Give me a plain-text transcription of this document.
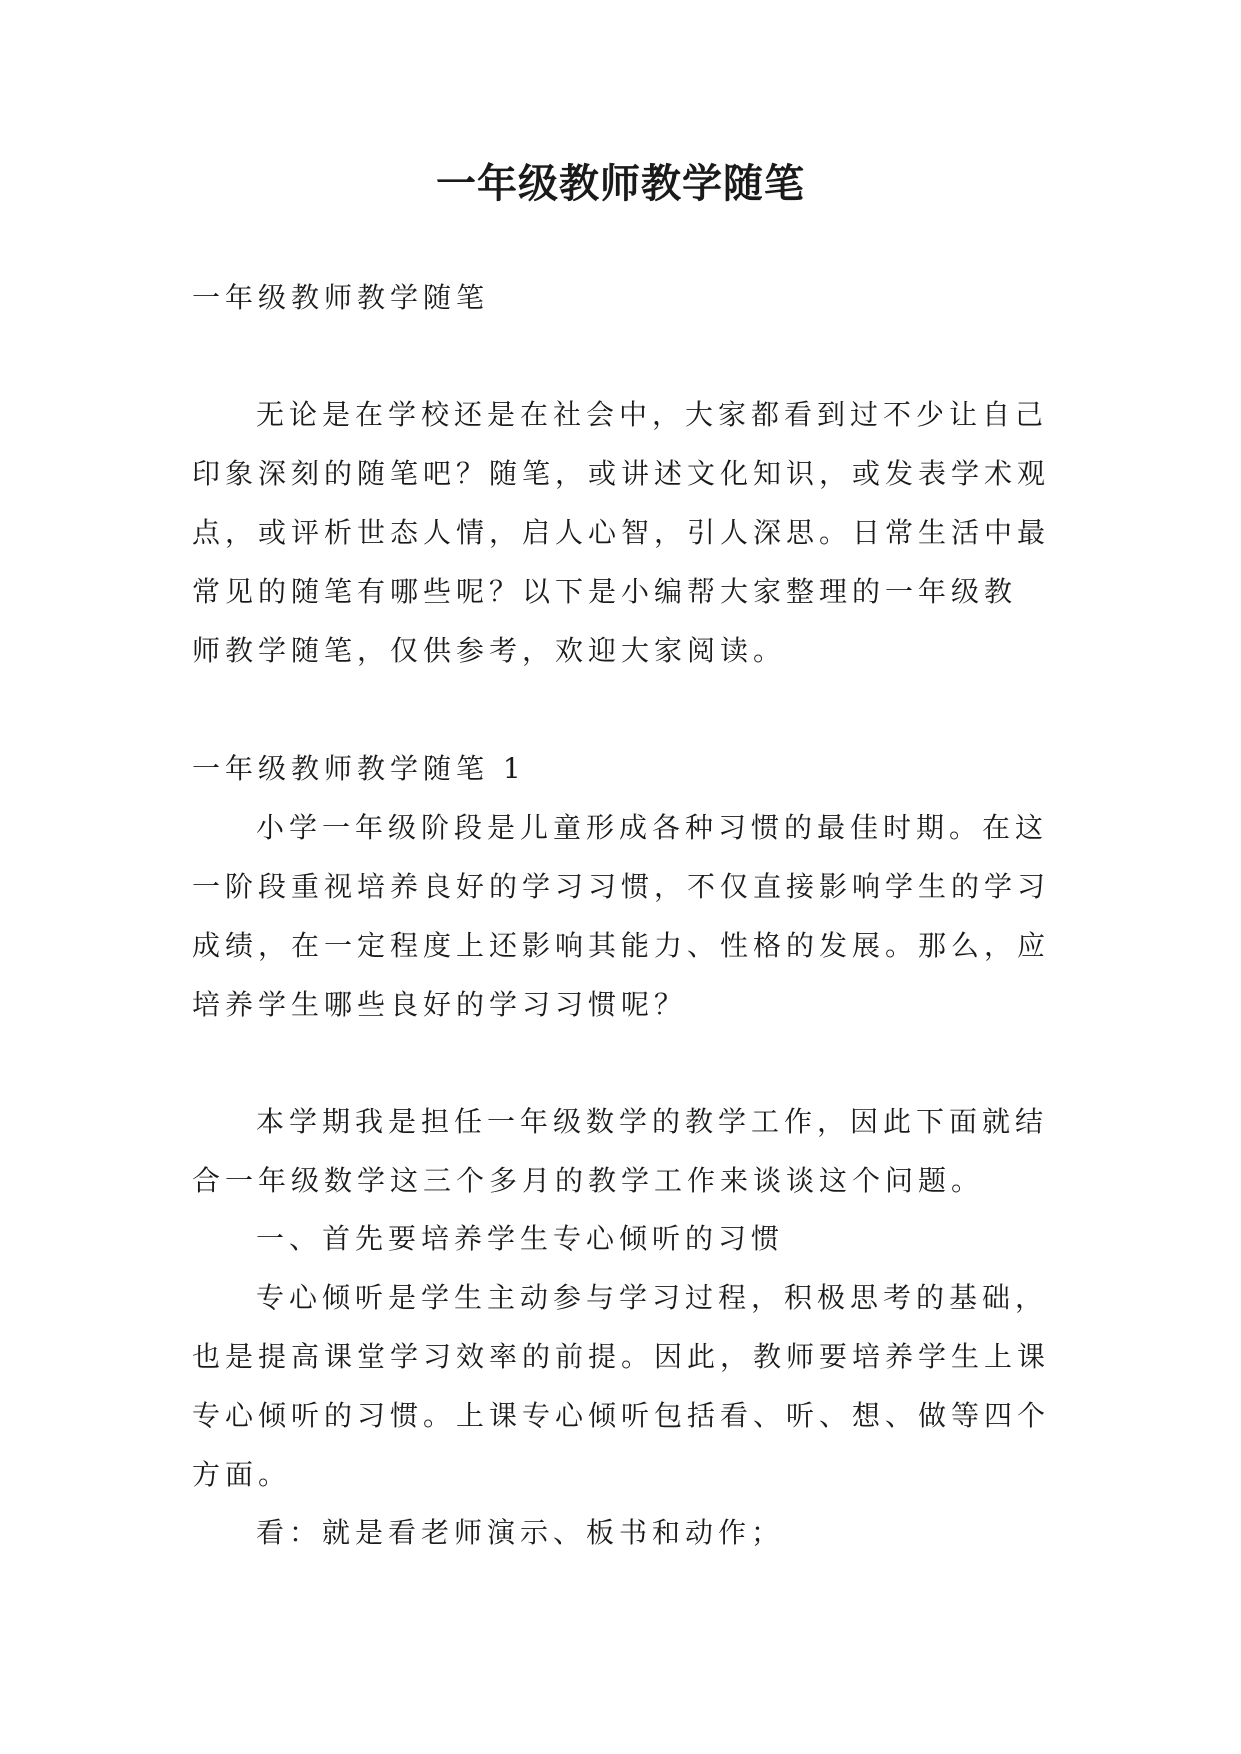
一年级教师教学随笔
一年级教师教学随笔
无论是在学校还是在社会中，大家都看到过不少让自己
印象深刻的随笔吧？随笔，或讲述文化知识，或发表学术观
点，或评析世态人情，启人心智，引人深思。日常生活中最
常见的随笔有哪些呢？以下是小编帮大家整理的一年级教
师教学随笔，仅供参考，欢迎大家阅读。
一年级教师教学随笔 1
小学一年级阶段是儿童形成各种习惯的最佳时期。在这
一阶段重视培养良好的学习习惯，不仅直接影响学生的学习
成绩，在一定程度上还影响其能力、性格的发展。那么，应
培养学生哪些良好的学习习惯呢？
本学期我是担任一年级数学的教学工作，因此下面就结
合一年级数学这三个多月的教学工作来谈谈这个问题。
一、首先要培养学生专心倾听的习惯
专心倾听是学生主动参与学习过程，积极思考的基础，
也是提高课堂学习效率的前提。因此，教师要培养学生上课
专心倾听的习惯。上课专心倾听包括看、听、想、做等四个
方面。
看：就是看老师演示、板书和动作；
